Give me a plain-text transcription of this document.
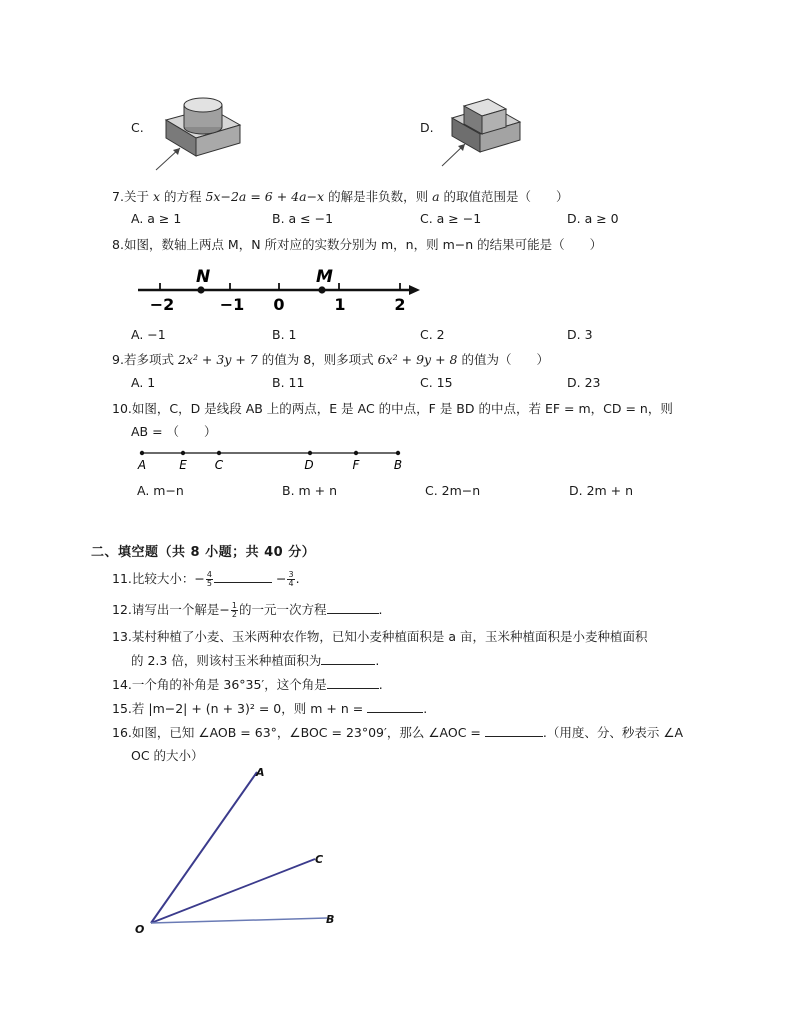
C.	D.
7.关于 x 的方程 5x−2a = 6 + 4a−x 的解是非负数，则 a 的取值范围是（　　）
A. a ≥ 1	B. a ≤ −1	C. a ≥ −1	D. a ≥ 0
8.如图，数轴上两点 M，N 所对应的实数分别为 m，n，则 m−n 的结果可能是（　　）
N	M
−2	−1 0	1	2
A. −1	B. 1	C. 2	D. 3
9.若多项式 2x² + 3y + 7 的值为 8，则多项式 6x² + 9y + 8 的值为（　　）
A. 1	B. 11	C. 15	D. 23
10.如图，C，D 是线段 AB 上的两点，E 是 AC 的中点，F 是 BD 的中点，若 EF = m，CD = n，则
AB = （　　）
A	E C	D	F	B
A. m−n	B. m + n	C. 2m−n	D. 2m + n
二、填空题（共 8 小题；共 40 分）
11.比较大小：− $\frac{4}{5}$	− $\frac{3}{4}$ .
12.请写出一个解是− $\frac{1}{2}$ 的一元一次方程	.
13.某村种植了小麦、玉米两种农作物，已知小麦种植面积是 a 亩，玉米种植面积是小麦种植面积
的 2.3 倍，则该村玉米种植面积为	.
14.一个角的补角是 36°35′，这个角是	.
15.若 |m−2| + (n + 3)² = 0，则 m + n =	.
16.如图，已知 ∠AOB = 63°，∠BOC = 23°09′，那么 ∠AOC =	.（用度、分、秒表示 ∠A
OC 的大小）
A
C
B
O
